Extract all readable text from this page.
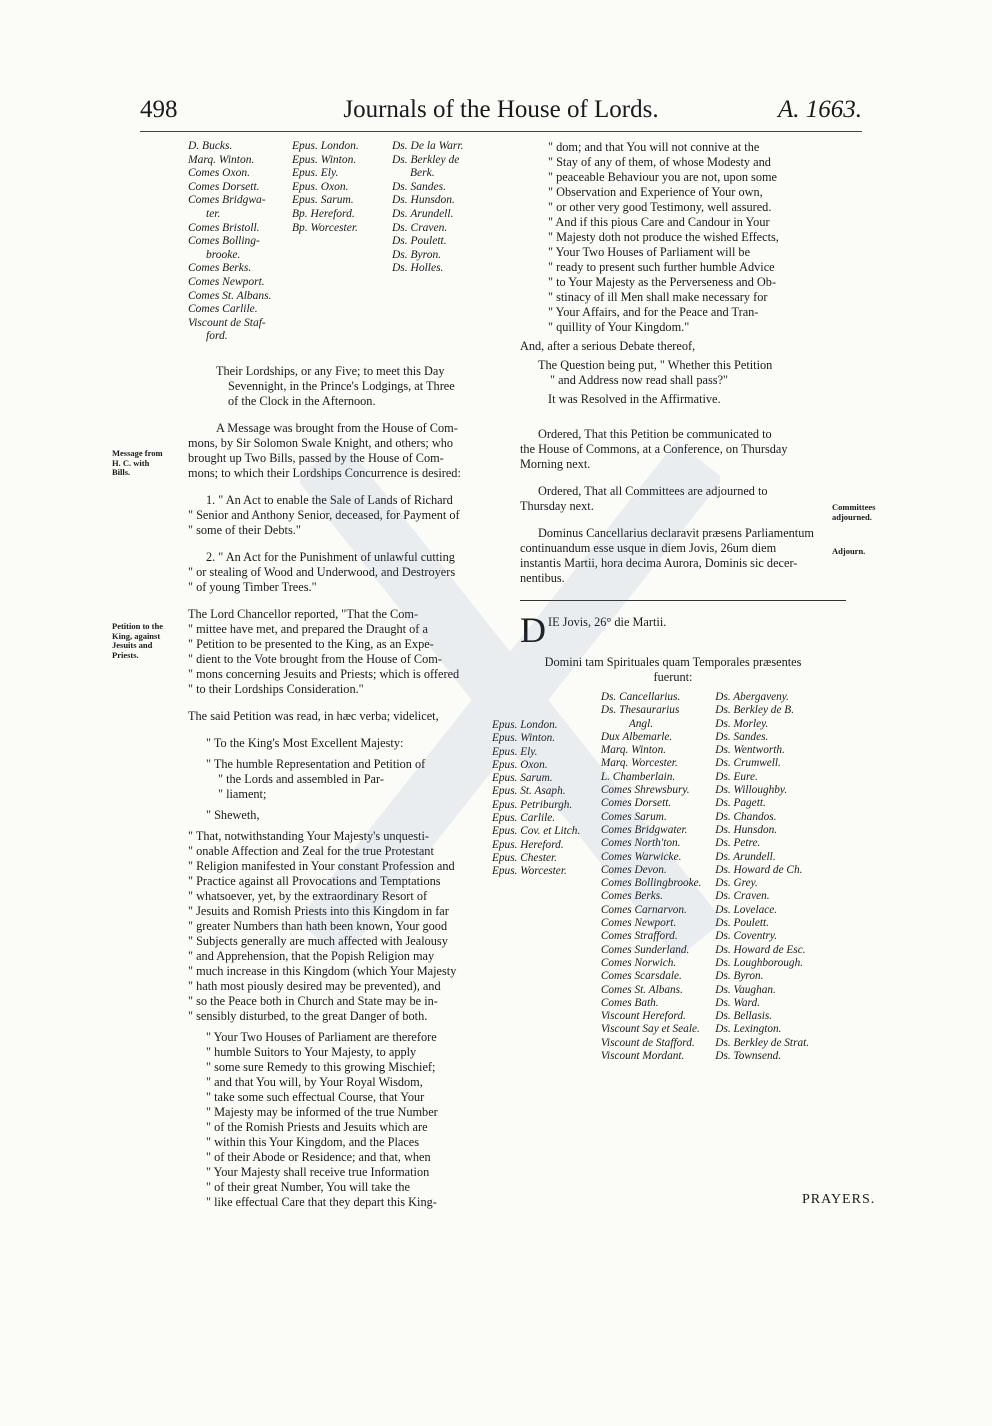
498	Journals of the House of Lords.	A. 1663.
D. Bucks.
Marq. Winton.
Comes Oxon.
Comes Dorsett.
Comes Bridgwa-
ter.
Comes Bristoll.
Comes Bolling-
brooke.
Comes Berks.
Comes Newport.
Comes St. Albans.
Comes Carlile.
Viscount de Staf-
ford.
Epus. London.
Epus. Winton.
Epus. Ely.
Epus. Oxon.
Epus. Sarum.
Bp. Hereford.
Bp. Worcester.
Ds. De la Warr.
Ds. Berkley de
Berk.
Ds. Sandes.
Ds. Hunsdon.
Ds. Arundell.
Ds. Craven.
Ds. Poulett.
Ds. Byron.
Ds. Holles.
Their Lordships, or any Five; to meet this Day
Sevennight, in the Prince's Lodgings, at Three
of the Clock in the Afternoon.
A Message was brought from the House of Com-
mons, by Sir Solomon Swale Knight, and others; who
brought up Two Bills, passed by the House of Com-
mons; to which their Lordships Concurrence is desired:
1. " An Act to enable the Sale of Lands of Richard
" Senior and Anthony Senior, deceased, for Payment of
" some of their Debts."
2. " An Act for the Punishment of unlawful cutting
" or stealing of Wood and Underwood, and Destroyers
" of young Timber Trees."
The Lord Chancellor reported, "That the Com-
" mittee have met, and prepared the Draught of a
" Petition to be presented to the King, as an Expe-
" dient to the Vote brought from the House of Com-
" mons concerning Jesuits and Priests; which is offered
" to their Lordships Consideration."
The said Petition was read, in hæc verba; videlicet,
" To the King's Most Excellent Majesty:
" The humble Representation and Petition of
" the Lords and assembled in Par-
" liament;
" Sheweth,
" That, notwithstanding Your Majesty's unquesti-
" onable Affection and Zeal for the true Protestant
" Religion manifested in Your constant Profession and
" Practice against all Provocations and Temptations
" whatsoever, yet, by the extraordinary Resort of
" Jesuits and Romish Priests into this Kingdom in far
" greater Numbers than hath been known, Your good
" Subjects generally are much affected with Jealousy
" and Apprehension, that the Popish Religion may
" much increase in this Kingdom (which Your Majesty
" hath most piously desired may be prevented), and
" so the Peace both in Church and State may be in-
" sensibly disturbed, to the great Danger of both.
" Your Two Houses of Parliament are therefore
" humble Suitors to Your Majesty, to apply
" some sure Remedy to this growing Mischief;
" and that You will, by Your Royal Wisdom,
" take some such effectual Course, that Your
" Majesty may be informed of the true Number
" of the Romish Priests and Jesuits which are
" within this Your Kingdom, and the Places
" of their Abode or Residence; and that, when
" Your Majesty shall receive true Information
" of their great Number, You will take the
" like effectual Care that they depart this King-
Message from
H. C. with
Bills.
Petition to the
King, against
Jesuits and
Priests.
Committees
adjourned.
Adjourn.
" dom; and that You will not connive at the
" Stay of any of them, of whose Modesty and
" peaceable Behaviour you are not, upon some
" Observation and Experience of Your own,
" or other very good Testimony, well assured.
" And if this pious Care and Candour in Your
" Majesty doth not produce the wished Effects,
" Your Two Houses of Parliament will be
" ready to present such further humble Advice
" to Your Majesty as the Perverseness and Ob-
" stinacy of ill Men shall make necessary for
" Your Affairs, and for the Peace and Tran-
" quillity of Your Kingdom."
And, after a serious Debate thereof,
The Question being put, " Whether this Petition
" and Address now read shall pass?"
It was Resolved in the Affirmative.
Ordered, That this Petition be communicated to
the House of Commons, at a Conference, on Thursday
Morning next.
Ordered, That all Committees are adjourned to
Thursday next.
Dominus Cancellarius declaravit præsens Parliamentum
continuandum esse usque in diem Jovis, 26um diem
instantis Martii, hora decima Aurora, Dominis sic decer-
nentibus.
D IE Jovis, 26° die Martii.
Domini tam Spirituales quam Temporales præsentes
fuerunt:
Epus. London.
Epus. Winton.
Epus. Ely.
Epus. Oxon.
Epus. Sarum.
Epus. St. Asaph.
Epus. Petriburgh.
Epus. Carlile.
Epus. Cov. et Litch.
Epus. Hereford.
Epus. Chester.
Epus. Worcester.
Ds. Cancellarius.
Ds. Thesaurarius
Angl.
Dux Albemarle.
Marq. Winton.
Marq. Worcester.
L. Chamberlain.
Comes Shrewsbury.
Comes Dorsett.
Comes Sarum.
Comes Bridgwater.
Comes North'ton.
Comes Warwicke.
Comes Devon.
Comes Bollingbrooke.
Comes Berks.
Comes Carnarvon.
Comes Newport.
Comes Strafford.
Comes Sunderland.
Comes Norwich.
Comes Scarsdale.
Comes St. Albans.
Comes Bath.
Viscount Hereford.
Viscount Say et Seale.
Viscount de Stafford.
Viscount Mordant.
Ds. Abergaveny.
Ds. Berkley de B.
Ds. Morley.
Ds. Sandes.
Ds. Wentworth.
Ds. Crumwell.
Ds. Eure.
Ds. Willoughby.
Ds. Pagett.
Ds. Chandos.
Ds. Hunsdon.
Ds. Petre.
Ds. Arundell.
Ds. Howard de Ch.
Ds. Grey.
Ds. Craven.
Ds. Lovelace.
Ds. Poulett.
Ds. Coventry.
Ds. Howard de Esc.
Ds. Loughborough.
Ds. Byron.
Ds. Vaughan.
Ds. Ward.
Ds. Bellasis.
Ds. Lexington.
Ds. Berkley de Strat.
Ds. Townsend.
PRAYERS.
